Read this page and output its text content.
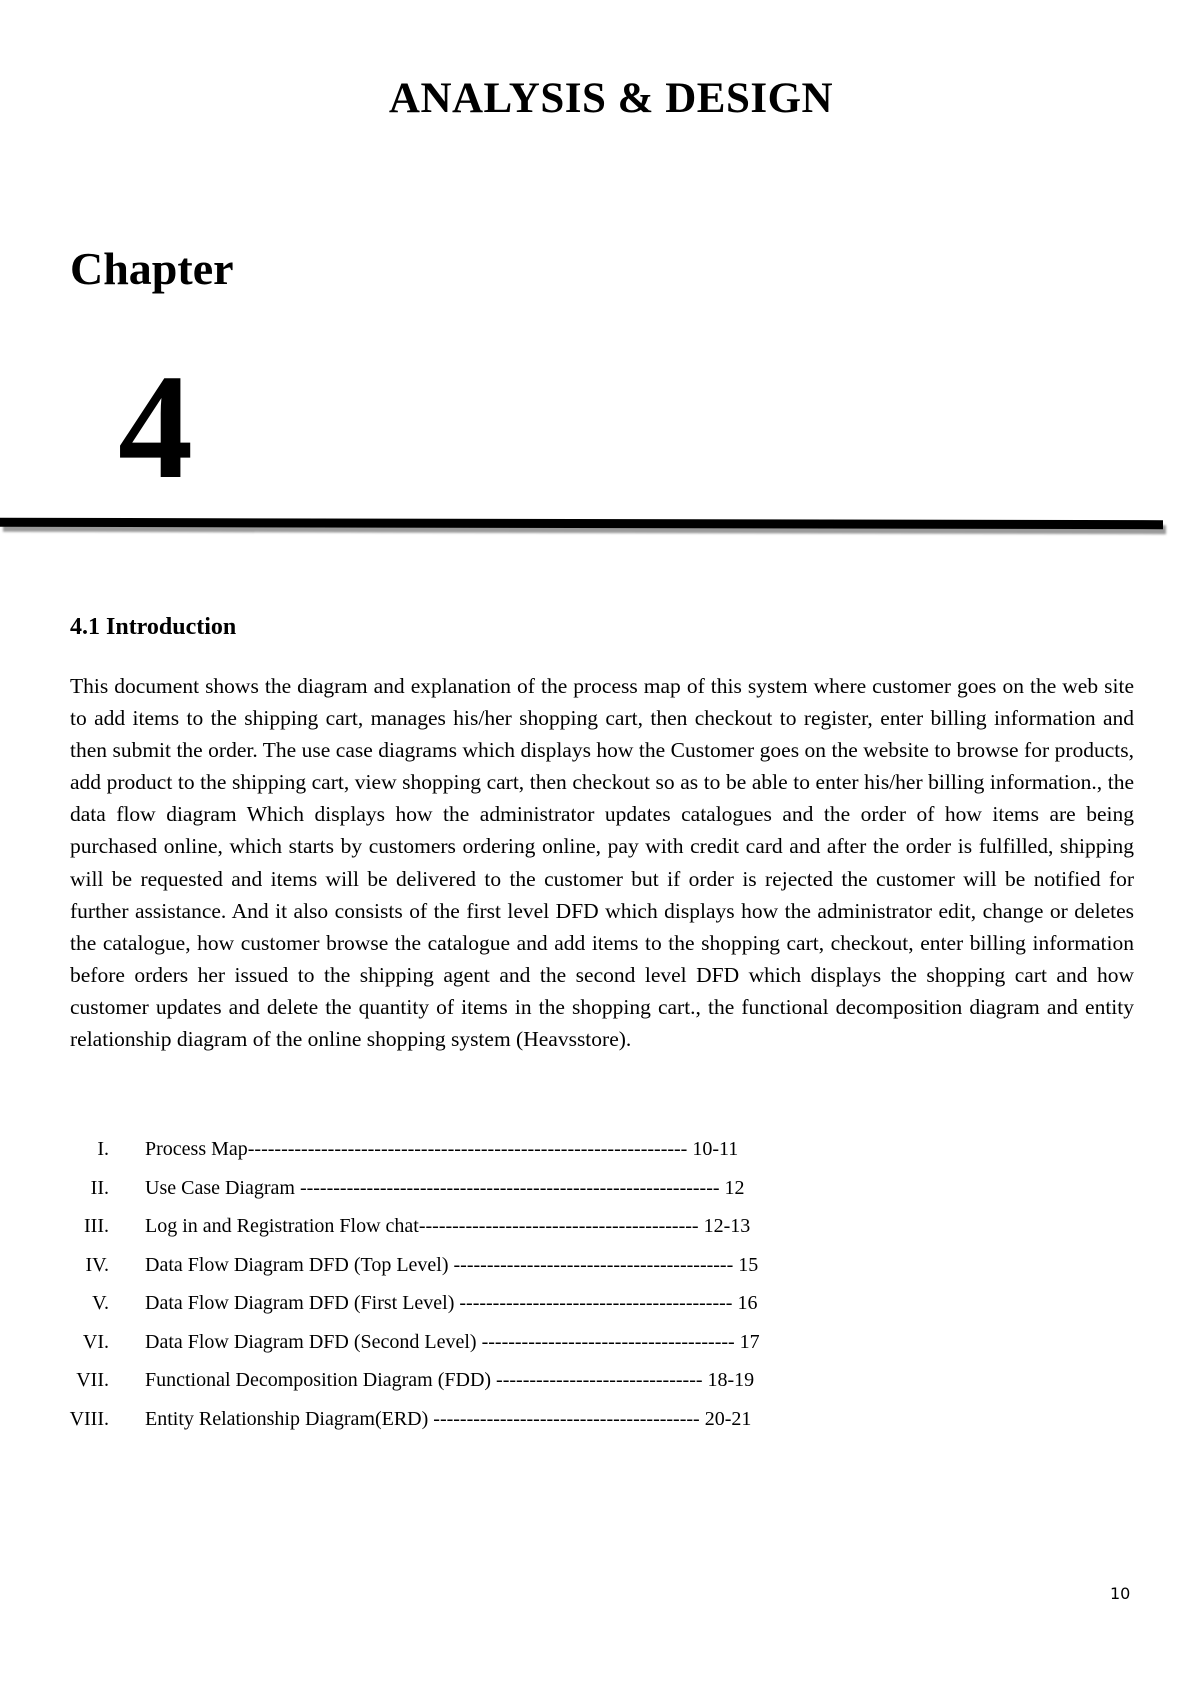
ANALYSIS & DESIGN
Chapter
4
4.1 Introduction

This document shows the diagram and explanation of the process map of this system where customer goes on the web site to add items to the shipping cart, manages his/her shopping cart, then checkout to register, enter billing information and then submit the order. The use case diagrams which displays how the Customer goes on the website to browse for products, add product to the shipping cart, view shopping cart, then checkout so as to be able to enter his/her billing information., the data flow diagram Which displays how the administrator updates catalogues and the order of how items are being purchased online, which starts by customers ordering online, pay with credit card and after the order is fulfilled, shipping will be requested and items will be delivered to the customer but if order is rejected the customer will be notified for further assistance. And it also consists of the first level DFD which displays how the administrator edit, change or deletes the catalogue, how customer browse the catalogue and add items to the shopping cart, checkout, enter billing information before orders her issued to the shipping agent and the second level DFD which displays the shopping cart and how customer updates and delete the quantity of items in the shopping cart., the functional decomposition diagram and entity relationship diagram of the online shopping system (Heavsstore).

I. Process Map------------------------------------------------------------------ 10-11
II. Use Case Diagram --------------------------------------------------------------- 12
III. Log in and Registration Flow chat------------------------------------------ 12-13
IV. Data Flow Diagram DFD (Top Level) ------------------------------------------ 15
V. Data Flow Diagram DFD (First Level) ----------------------------------------- 16
VI. Data Flow Diagram DFD (Second Level) -------------------------------------- 17
VII. Functional Decomposition Diagram (FDD) ------------------------------- 18-19
VIII. Entity Relationship Diagram(ERD) ---------------------------------------- 20-21
10
